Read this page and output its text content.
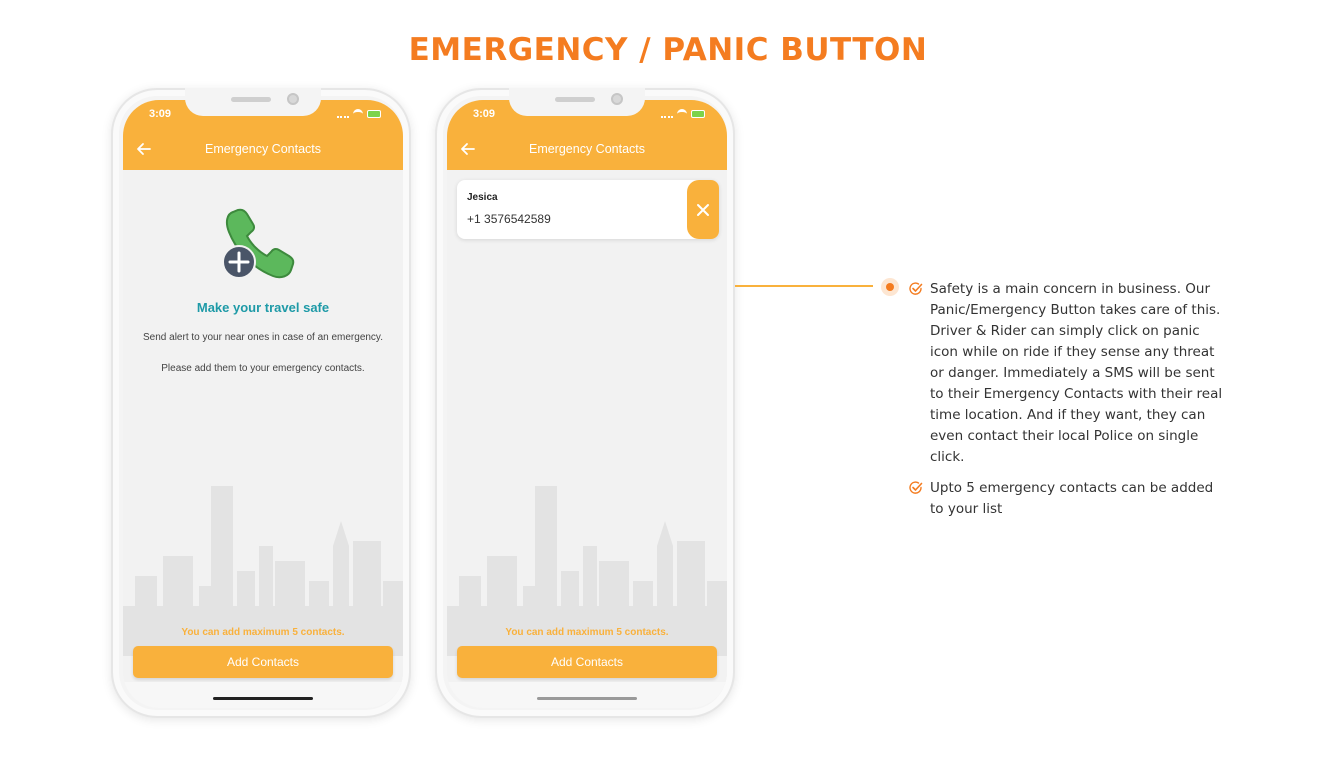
EMERGENCY / PANIC BUTTON
3:09
Emergency Contacts
Make your travel safe
Send alert to your near ones in case of an emergency.
Please add them to your emergency contacts.
You can add maximum 5 contacts.
Add Contacts
3:09
Emergency Contacts
Jesica
+1 3576542589
You can add maximum 5 contacts.
Add Contacts
Safety is a main concern in business. Our Panic/Emergency Button takes care of this. Driver & Rider can simply click on panic icon while on ride if they sense any threat or danger. Immediately a SMS will be sent to their Emergency Contacts with their real time location. And if they want, they can even contact their local Police on single click.
Upto 5 emergency contacts can be added to your list
